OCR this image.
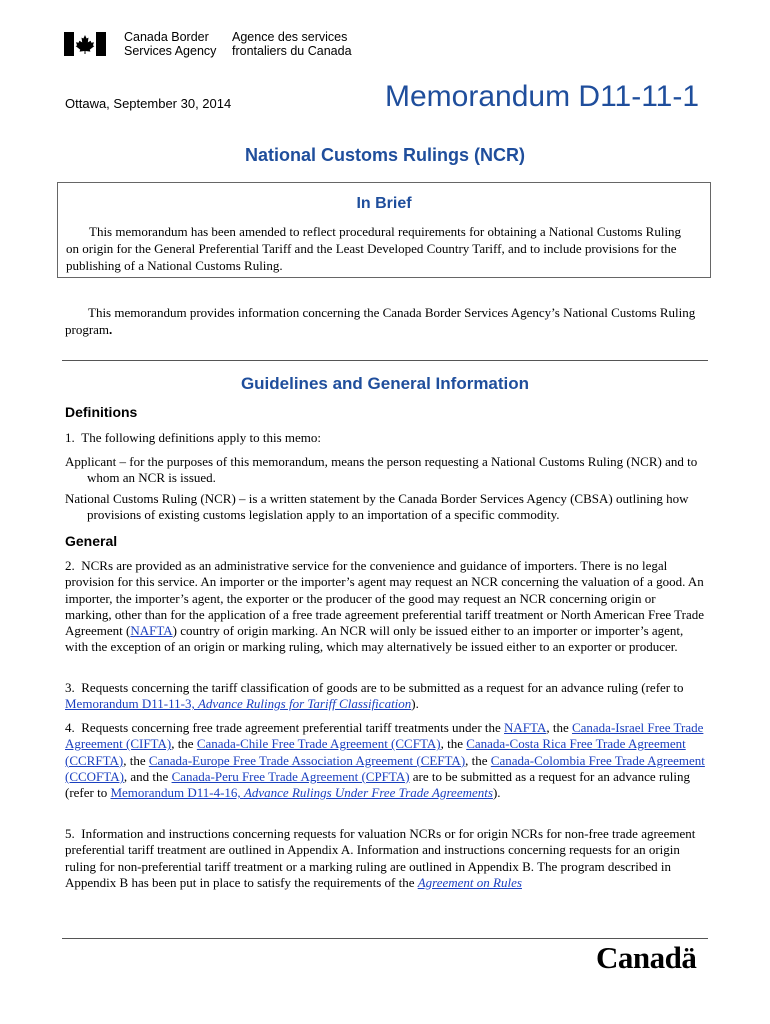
Canada Border
Services Agency
Agence des services
frontaliers du Canada
Ottawa, September 30, 2014	Memorandum D11-11-1
National Customs Rulings (NCR)
In Brief

This memorandum has been amended to reflect procedural requirements for obtaining a National Customs Ruling on origin for the General Preferential Tariff and the Least Developed Country Tariff, and to include provisions for the publishing of a National Customs Ruling.

This memorandum provides information concerning the Canada Border Services Agency’s National Customs Ruling program.

Guidelines and General Information
Definitions

1.  The following definitions apply to this memo:

Applicant – for the purposes of this memorandum, means the person requesting a National Customs Ruling (NCR) and to whom an NCR is issued.

National Customs Ruling (NCR) – is a written statement by the Canada Border Services Agency (CBSA) outlining how provisions of existing customs legislation apply to an importation of a specific commodity.

General

2.  NCRs are provided as an administrative service for the convenience and guidance of importers. There is no legal provision for this service. An importer or the importer’s agent may request an NCR concerning the valuation of a good. An importer, the importer’s agent, the exporter or the producer of the good may request an NCR concerning origin or marking, other than for the application of a free trade agreement preferential tariff treatment or North American Free Trade Agreement (NAFTA) country of origin marking. An NCR will only be issued either to an importer or importer’s agent, with the exception of an origin or marking ruling, which may alternatively be issued either to an exporter or producer.

3.  Requests concerning the tariff classification of goods are to be submitted as a request for an advance ruling (refer to Memorandum D11-11-3, Advance Rulings for Tariff Classification).

4.  Requests concerning free trade agreement preferential tariff treatments under the NAFTA, the Canada-Israel Free Trade Agreement (CIFTA), the Canada-Chile Free Trade Agreement (CCFTA), the Canada-Costa Rica Free Trade Agreement (CCRFTA), the Canada-Europe Free Trade Association Agreement (CEFTA), the Canada-Colombia Free Trade Agreement (CCOFTA), and the Canada-Peru Free Trade Agreement (CPFTA) are to be submitted as a request for an advance ruling (refer to Memorandum D11-4-16, Advance Rulings Under Free Trade Agreements).

5.  Information and instructions concerning requests for valuation NCRs or for origin NCRs for non-free trade agreement preferential tariff treatment are outlined in Appendix A. Information and instructions concerning requests for an origin ruling for non-preferential tariff treatment or a marking ruling are outlined in Appendix B. The program described in Appendix B has been put in place to satisfy the requirements of the Agreement on Rules

Canadä
